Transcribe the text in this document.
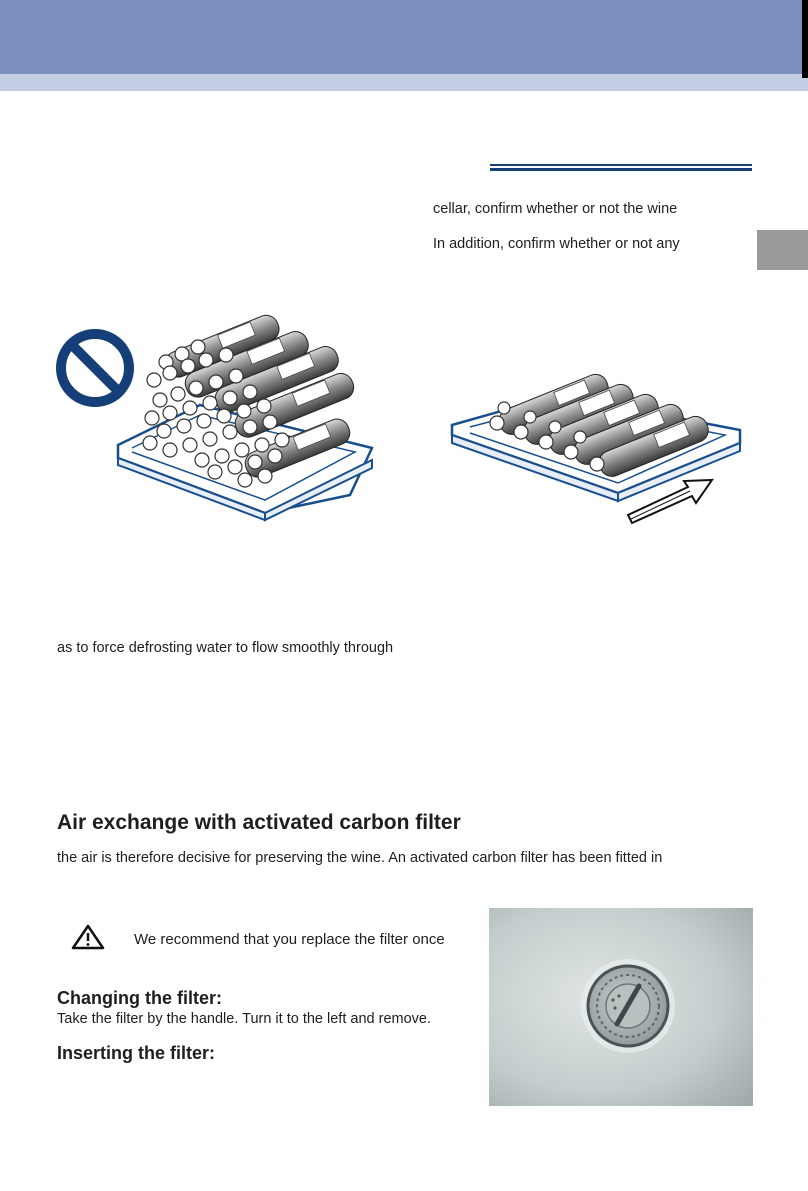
cellar, confirm whether or not the wine
In addition, confirm whether or not any
as to force defrosting water to flow smoothly through
Air exchange with activated carbon filter
the air is therefore decisive for preserving the wine. An activated carbon filter has been fitted in
We recommend that you replace the filter once
Changing the filter:
Take the filter by the handle. Turn it to the left and remove.
Inserting the filter:
